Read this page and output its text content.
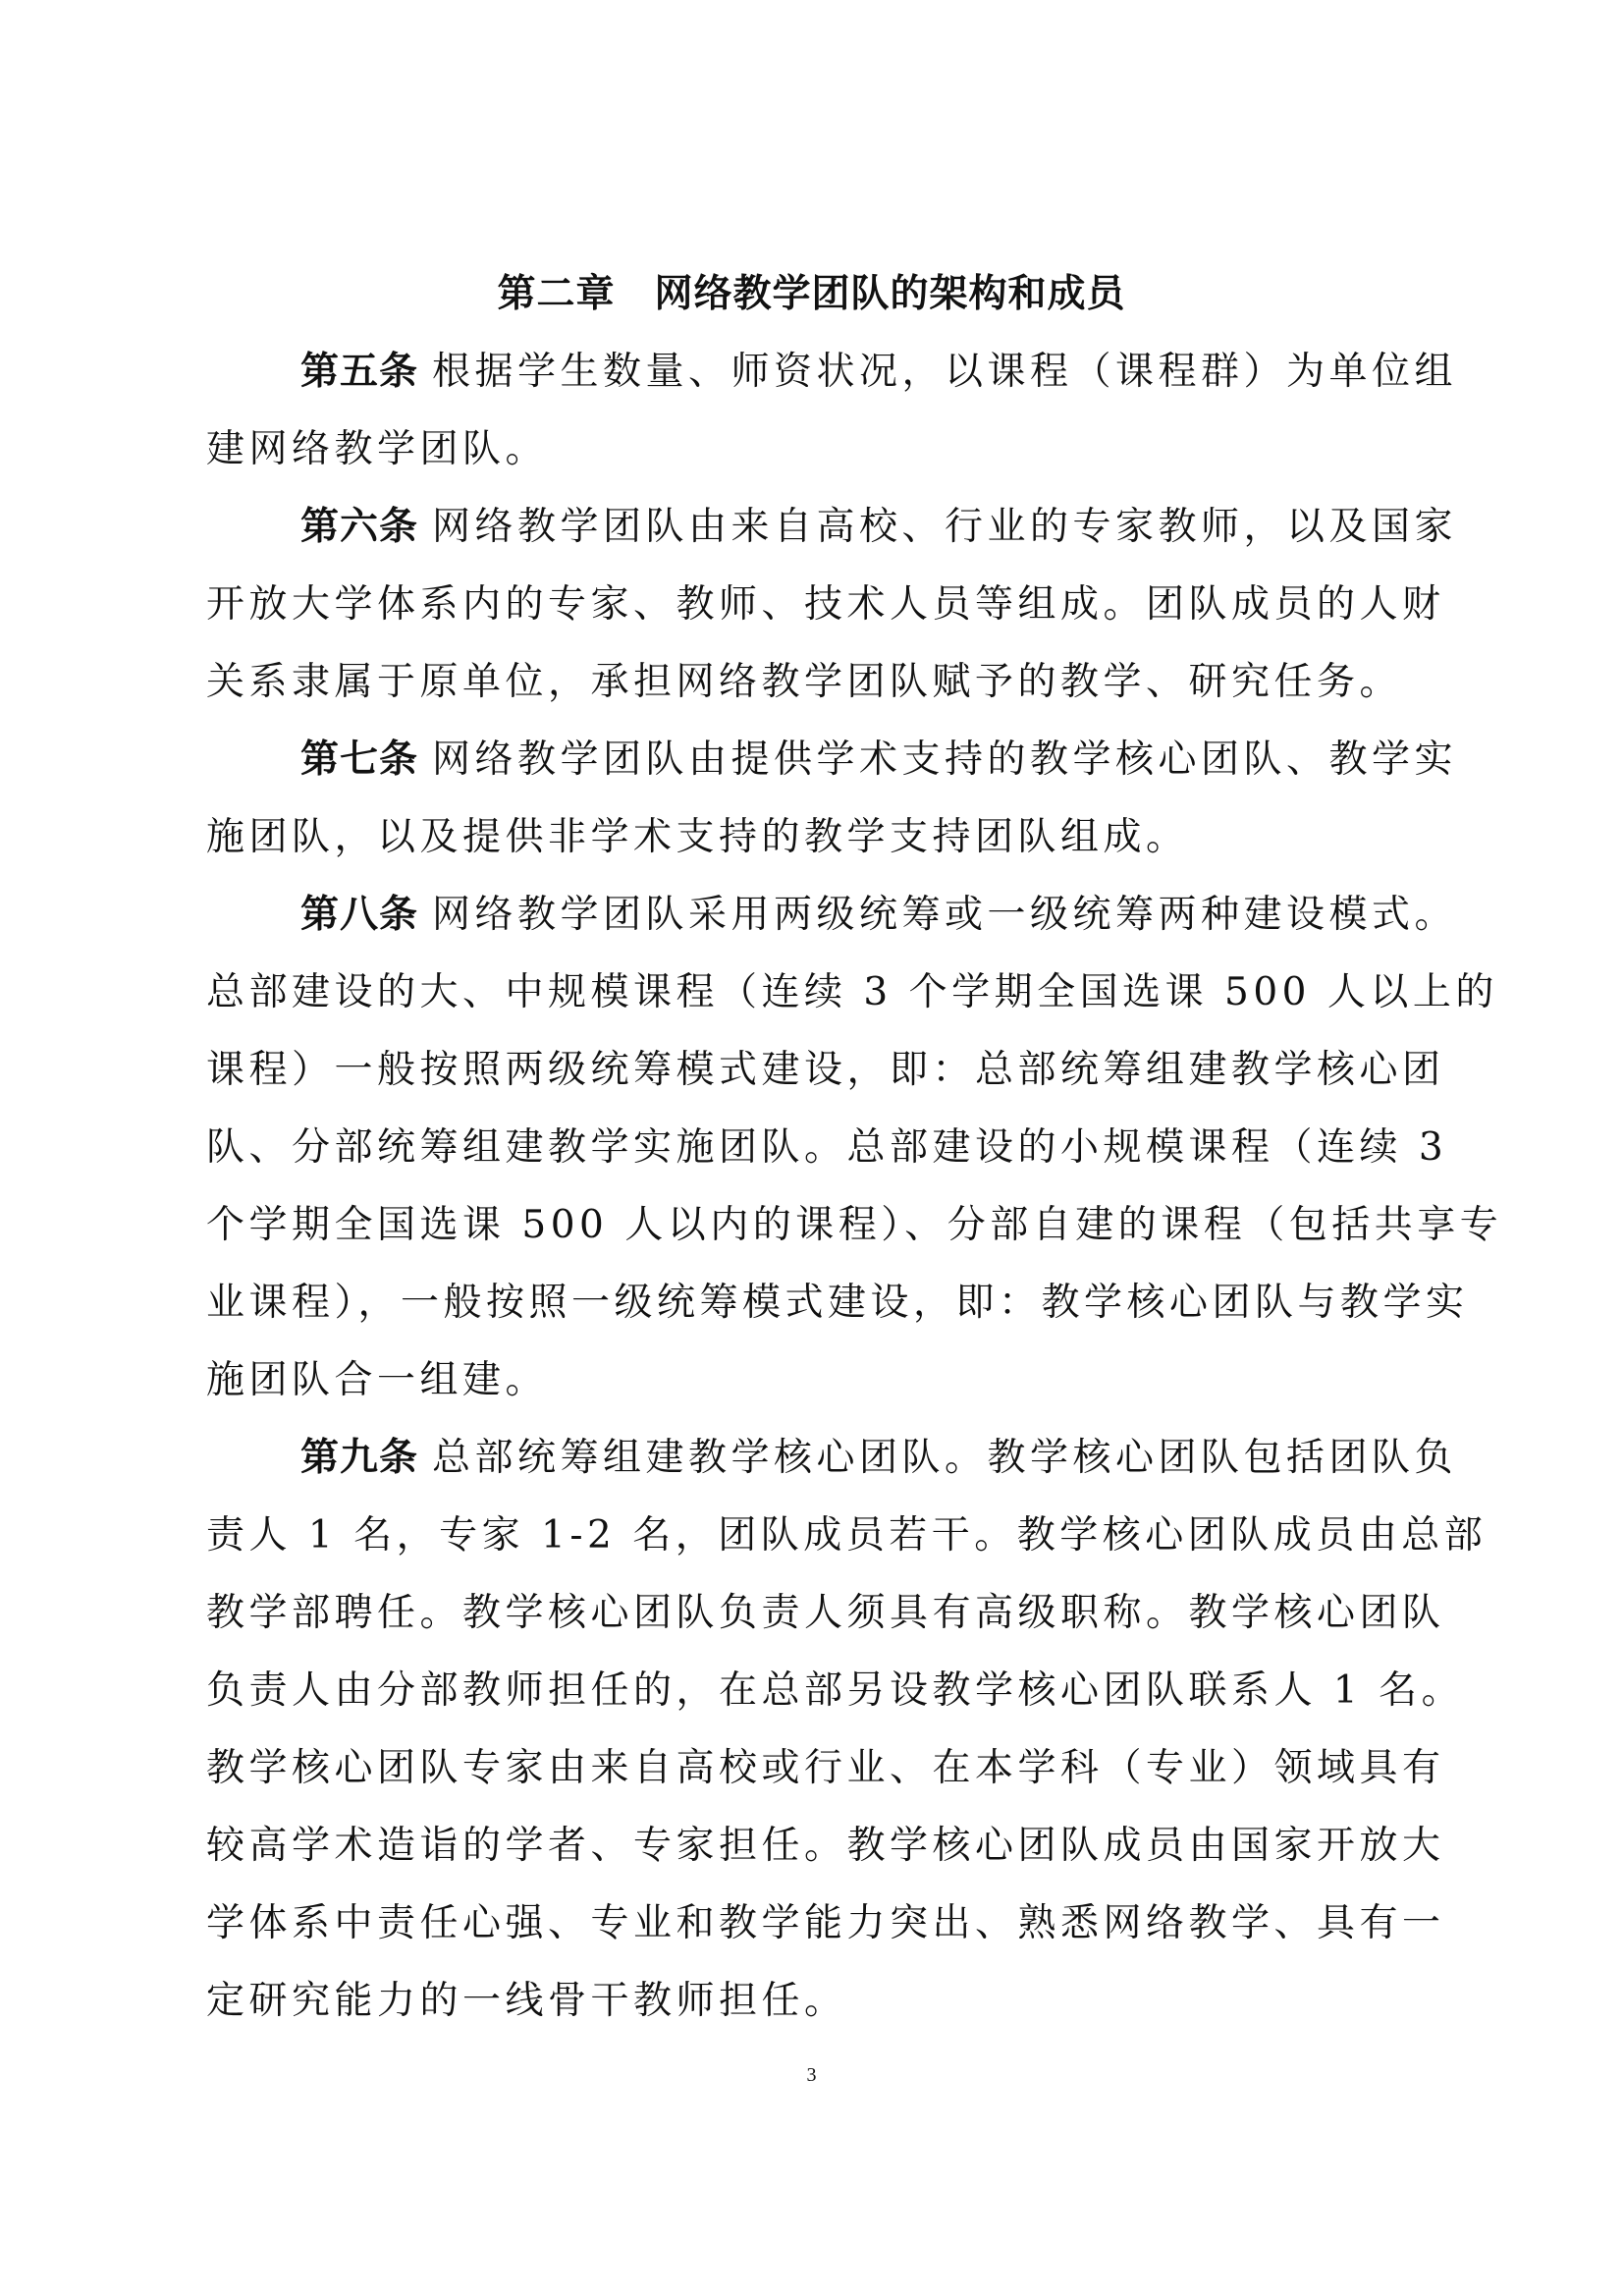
第二章　网络教学团队的架构和成员
第五条 根据学生数量、师资状况，以课程（课程群）为单位组
建网络教学团队。
第六条 网络教学团队由来自高校、行业的专家教师，以及国家
开放大学体系内的专家、教师、技术人员等组成。团队成员的人财
关系隶属于原单位，承担网络教学团队赋予的教学、研究任务。
第七条 网络教学团队由提供学术支持的教学核心团队、教学实
施团队，以及提供非学术支持的教学支持团队组成。
第八条 网络教学团队采用两级统筹或一级统筹两种建设模式。
总部建设的大、中规模课程（连续 3 个学期全国选课 500 人以上的
课程）一般按照两级统筹模式建设，即：总部统筹组建教学核心团
队、分部统筹组建教学实施团队。总部建设的小规模课程（连续 3
个学期全国选课 500 人以内的课程）、分部自建的课程（包括共享专
业课程），一般按照一级统筹模式建设，即：教学核心团队与教学实
施团队合一组建。
第九条 总部统筹组建教学核心团队。教学核心团队包括团队负
责人 1 名，专家 1-2 名，团队成员若干。教学核心团队成员由总部
教学部聘任。教学核心团队负责人须具有高级职称。教学核心团队
负责人由分部教师担任的，在总部另设教学核心团队联系人 1 名。
教学核心团队专家由来自高校或行业、在本学科（专业）领域具有
较高学术造诣的学者、专家担任。教学核心团队成员由国家开放大
学体系中责任心强、专业和教学能力突出、熟悉网络教学、具有一
定研究能力的一线骨干教师担任。
3
